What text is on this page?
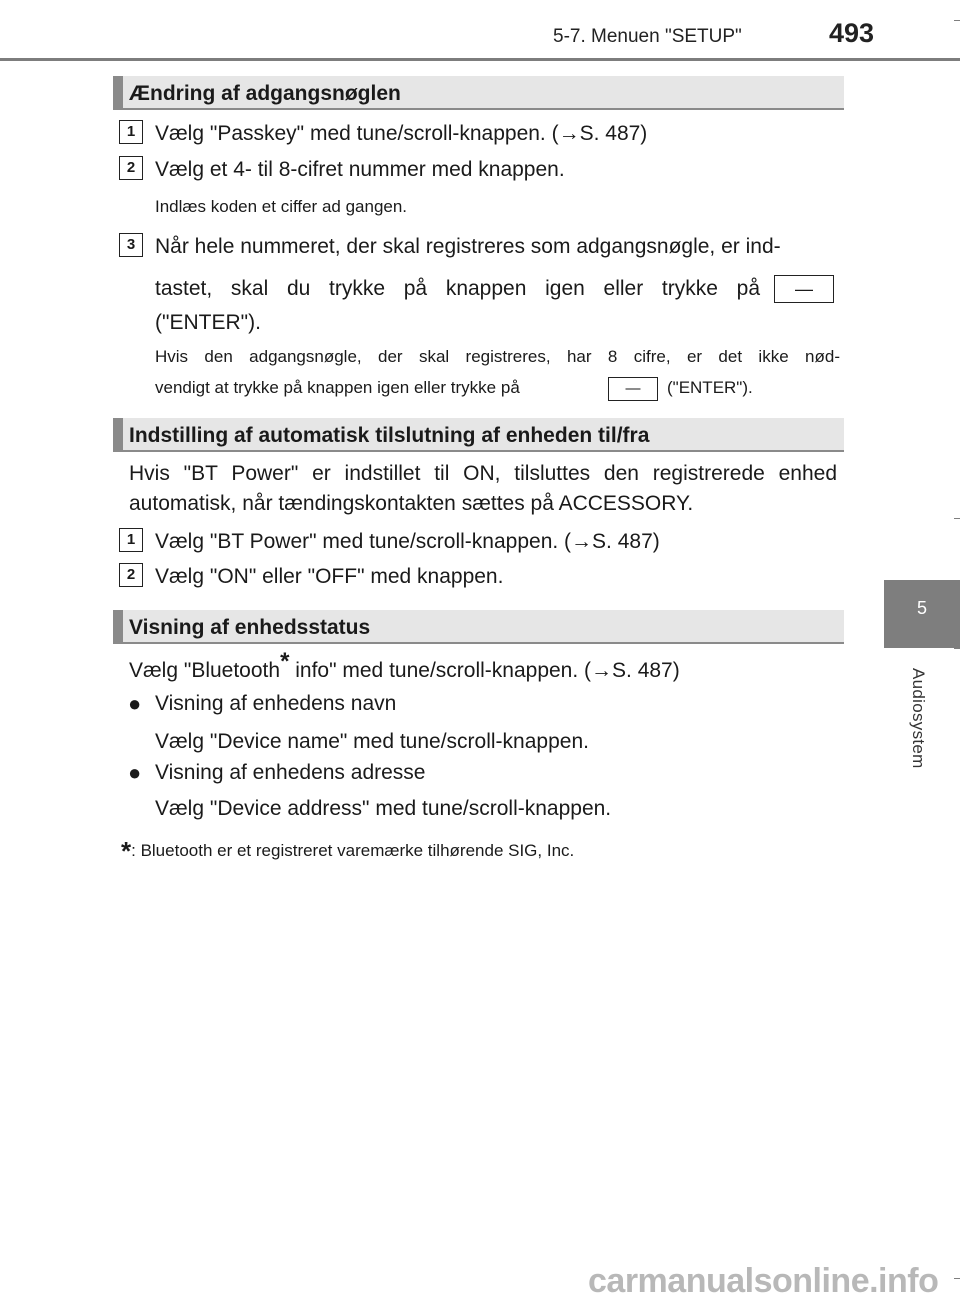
5-7. Menuen "SETUP"	493
5
Audiosystem
Ændring af adgangsnøglen
1 Vælg "Passkey" med tune/scroll-knappen. (→S. 487)
2 Vælg et 4- til 8-cifret nummer med knappen.
Indlæs koden et ciffer ad gangen.
3 Når hele nummeret, der skal registreres som adgangsnøgle, er ind-
tastet, skal du trykke på knappen igen eller trykke på	—
("ENTER").
Hvis den adgangsnøgle, der skal registreres, har 8 cifre, er det ikke nød-
vendigt at trykke på knappen igen eller trykke på	—	("ENTER").
Indstilling af automatisk tilslutning af enheden til/fra
Hvis "BT Power" er indstillet til ON, tilsluttes den registrerede enhed
automatisk, når tændingskontakten sættes på ACCESSORY.
1 Vælg "BT Power" med tune/scroll-knappen. (→S. 487)
2 Vælg "ON" eller "OFF" med knappen.
Visning af enhedsstatus
Vælg "Bluetooth* info" med tune/scroll-knappen. (→S. 487)
● Visning af enhedens navn
Vælg "Device name" med tune/scroll-knappen.
● Visning af enhedens adresse
Vælg "Device address" med tune/scroll-knappen.
*: Bluetooth er et registreret varemærke tilhørende SIG, Inc.
carmanualsonline.info
